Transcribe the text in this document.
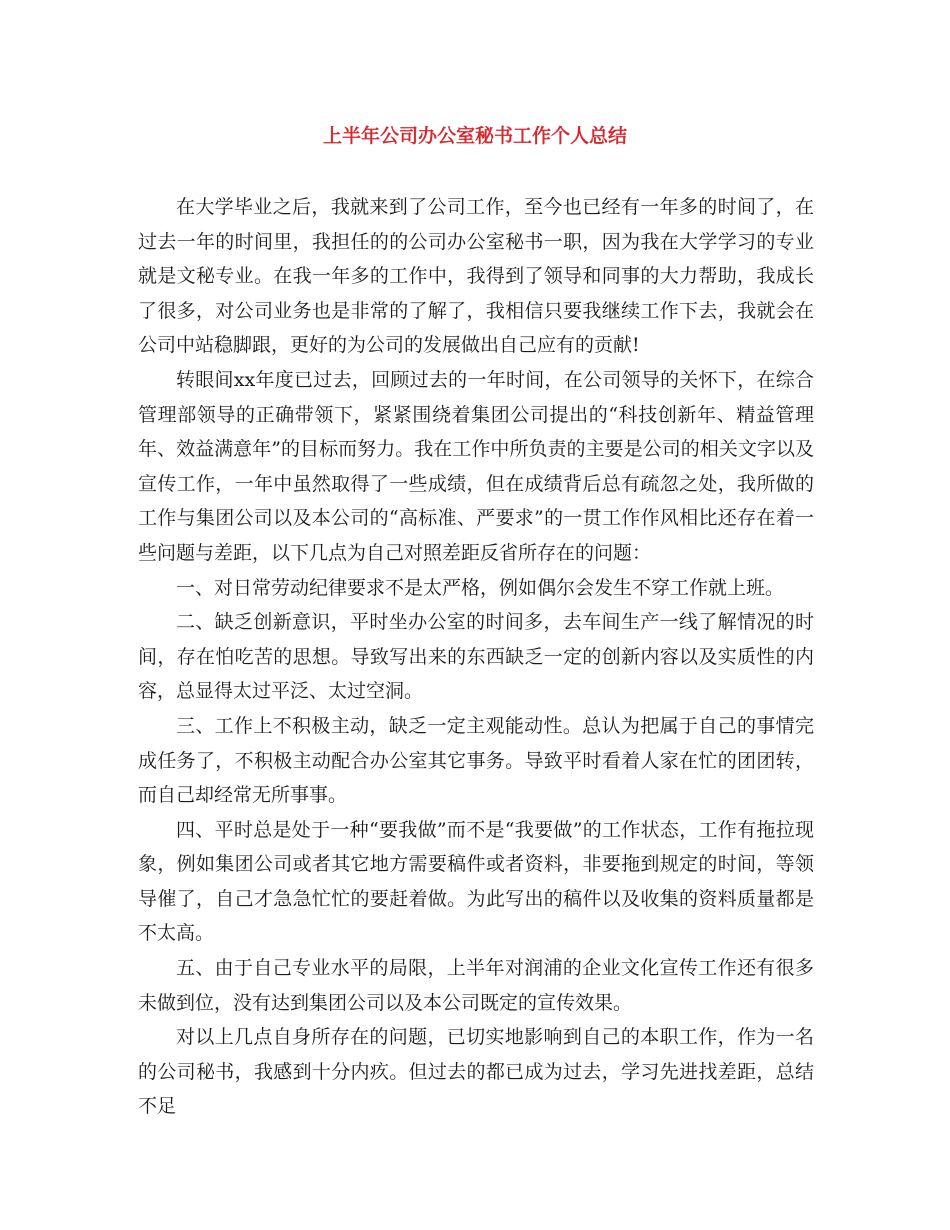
上半年公司办公室秘书工作个人总结

在大学毕业之后，我就来到了公司工作，至今也已经有一年多的时间了，在过去一年的时间里，我担任的的公司办公室秘书一职，因为我在大学学习的专业就是文秘专业。在我一年多的工作中，我得到了领导和同事的大力帮助，我成长了很多，对公司业务也是非常的了解了，我相信只要我继续工作下去，我就会在公司中站稳脚跟，更好的为公司的发展做出自己应有的贡献!

转眼间xx年度已过去，回顾过去的一年时间，在公司领导的关怀下，在综合管理部领导的正确带领下，紧紧围绕着集团公司提出的“科技创新年、精益管理年、效益满意年”的目标而努力。我在工作中所负责的主要是公司的相关文字以及宣传工作，一年中虽然取得了一些成绩，但在成绩背后总有疏忽之处，我所做的工作与集团公司以及本公司的“高标准、严要求”的一贯工作作风相比还存在着一些问题与差距，以下几点为自己对照差距反省所存在的问题：

一、对日常劳动纪律要求不是太严格，例如偶尔会发生不穿工作就上班。

二、缺乏创新意识，平时坐办公室的时间多，去车间生产一线了解情况的时间，存在怕吃苦的思想。导致写出来的东西缺乏一定的创新内容以及实质性的内容，总显得太过平泛、太过空洞。

三、工作上不积极主动，缺乏一定主观能动性。总认为把属于自己的事情完成任务了，不积极主动配合办公室其它事务。导致平时看着人家在忙的团团转，而自己却经常无所事事。

四、平时总是处于一种“要我做”而不是“我要做”的工作状态，工作有拖拉现象，例如集团公司或者其它地方需要稿件或者资料，非要拖到规定的时间，等领导催了，自己才急急忙忙的要赶着做。为此写出的稿件以及收集的资料质量都是不太高。

五、由于自己专业水平的局限，上半年对润浦的企业文化宣传工作还有很多未做到位，没有达到集团公司以及本公司既定的宣传效果。

对以上几点自身所存在的问题，已切实地影响到自己的本职工作，作为一名的公司秘书，我感到十分内疚。但过去的都已成为过去，学习先进找差距，总结不足
